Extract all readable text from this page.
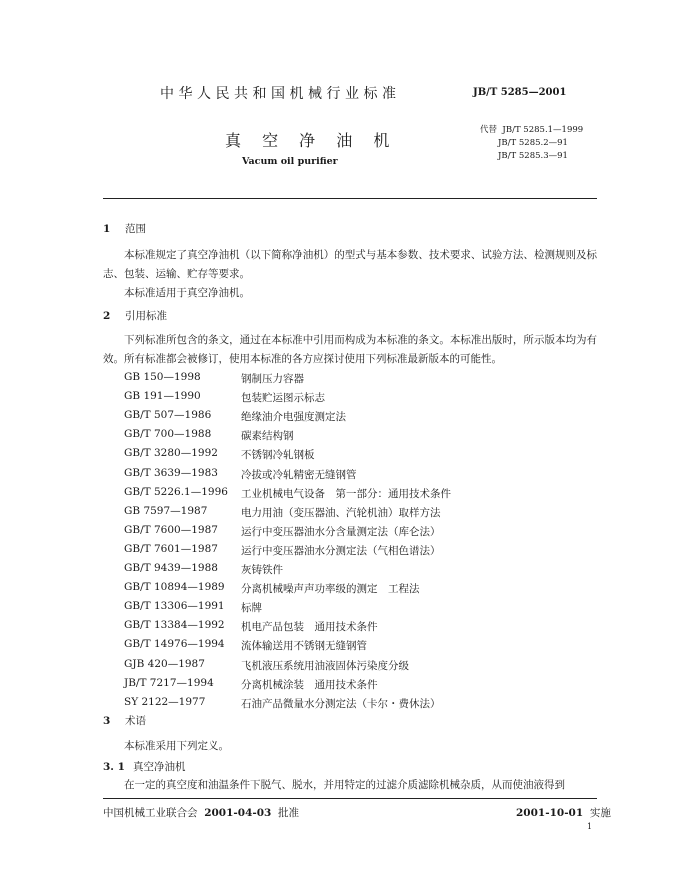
中华人民共和国机械行业标准	JB/T 5285—2001
真 空 净 油 机
Vacum oil purifier
代替 JB/T 5285.1—1999
JB/T 5285.2—91
JB/T 5285.3—91
1 范围
本标准规定了真空净油机（以下简称净油机）的型式与基本参数、技术要求、试验方法、检测规则及标志、包装、运输、贮存等要求。
本标准适用于真空净油机。
2 引用标准
下列标准所包含的条文，通过在本标准中引用而构成为本标准的条文。本标准出版时，所示版本均为有效。所有标准都会被修订，使用本标准的各方应探讨使用下列标准最新版本的可能性。
GB 150—1998	钢制压力容器
GB 191—1990	包装贮运图示标志
GB/T 507—1986	绝缘油介电强度测定法
GB/T 700—1988	碳素结构钢
GB/T 3280—1992 不锈钢冷轧钢板
GB/T 3639—1983 冷拔或冷轧精密无缝钢管
GB/T 5226.1—1996 工业机械电气设备　第一部分：通用技术条件
GB 7597—1987	电力用油（变压器油、汽轮机油）取样方法
GB/T 7600—1987 运行中变压器油水分含量测定法（库仑法）
GB/T 7601—1987 运行中变压器油水分测定法（气相色谱法）
GB/T 9439—1988 灰铸铁件
GB/T 10894—1989 分离机械噪声声功率级的测定　工程法
GB/T 13306—1991 标牌
GB/T 13384—1992 机电产品包装　通用技术条件
GB/T 14976—1994 流体输送用不锈钢无缝钢管
GJB 420—1987	飞机液压系统用油液固体污染度分级
JB/T 7217—1994	分离机械涂装　通用技术条件
SY 2122—1977	石油产品微量水分测定法（卡尔・费休法）
3 术语
本标准采用下列定义。
3. 1 真空净油机
在一定的真空度和油温条件下脱气、脱水，并用特定的过滤介质滤除机械杂质，从而使油液得到
中国机械工业联合会 2001-04-03 批准	2001-10-01 实施
1
